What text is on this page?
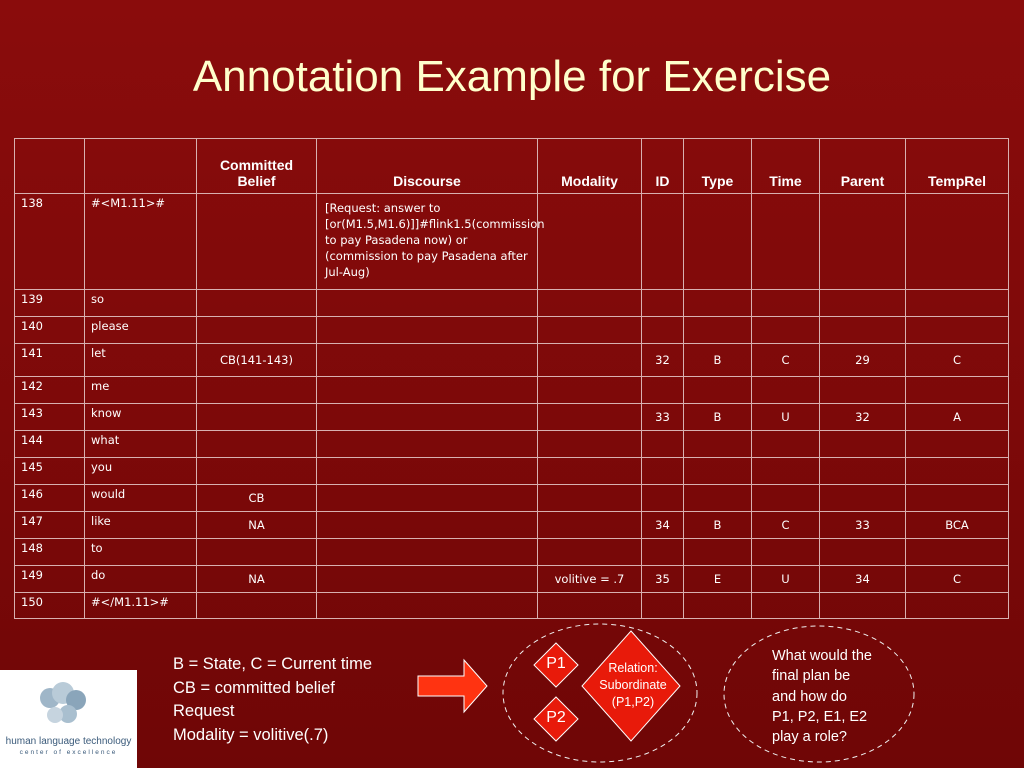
Annotation Example for Exercise
		Committed Belief	Discourse	Modality	ID	Type	Time	Parent	TempRel
138	#<M1.11>#		[Request: answer to [or(M1.5,M1.6)]]#flink1.5(commission to pay Pasadena now) or (commission to pay Pasadena after Jul-Aug)						
139	so								
140	please								
141	let	CB(141-143)			32	B	C	29	C
142	me								
143	know				33	B	U	32	A
144	what								
145	you								
146	would	CB							
147	like	NA			34	B	C	33	BCA
148	to								
149	do	NA		volitive = .7	35	E	U	34	C
150	#</M1.11>#								
B = State, C = Current time
CB = committed belief
Request
Modality = volitive(.7)
P1
P2
Relation:
Subordinate
(P1,P2)
What would the
final plan be
and how do
P1, P2, E1, E2
play a role?
human language technology
center of excellence
